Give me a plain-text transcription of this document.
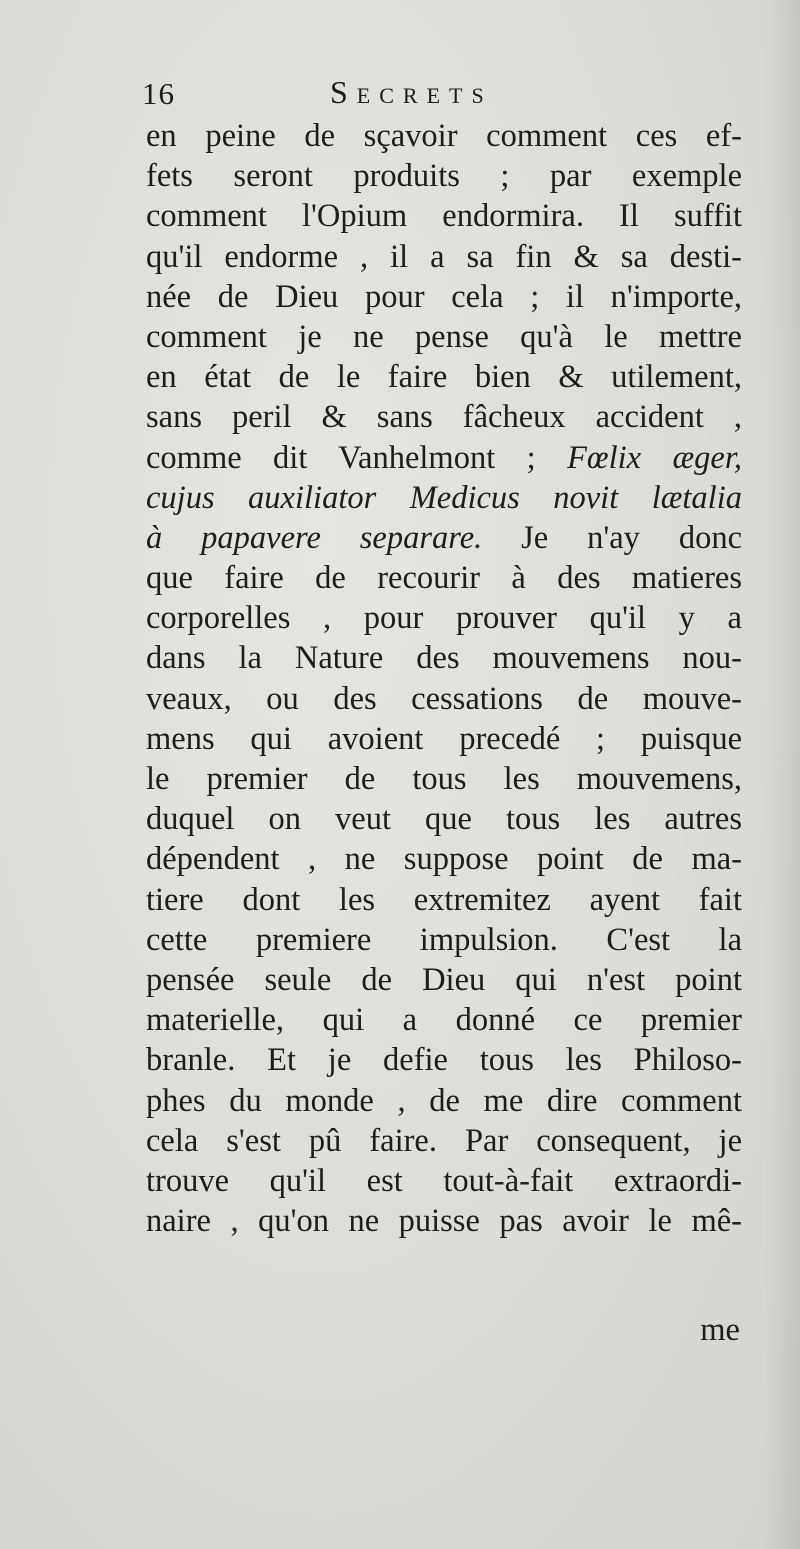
16	Secrets
en peine de sçavoir comment ces ef-
fets seront produits ; par exemple
comment l'Opium endormira. Il suffit
qu'il endorme , il a sa fin & sa desti-
née de Dieu pour cela ; il n'importe,
comment je ne pense qu'à le mettre
en état de le faire bien & utilement,
sans peril & sans fâcheux accident ,
comme dit Vanhelmont ; Fœlix æger,
cujus auxiliator Medicus novit lætalia
à papavere separare. Je n'ay donc
que faire de recourir à des matieres
corporelles , pour prouver qu'il y a
dans la Nature des mouvemens nou-
veaux, ou des cessations de mouve-
mens qui avoient precedé ; puisque
le premier de tous les mouvemens,
duquel on veut que tous les autres
dépendent , ne suppose point de ma-
tiere dont les extremitez ayent fait
cette premiere impulsion. C'est la
pensée seule de Dieu qui n'est point
materielle, qui a donné ce premier
branle. Et je defie tous les Philoso-
phes du monde , de me dire comment
cela s'est pû faire. Par consequent, je
trouve qu'il est tout-à-fait extraordi-
naire , qu'on ne puisse pas avoir le mê-
me
